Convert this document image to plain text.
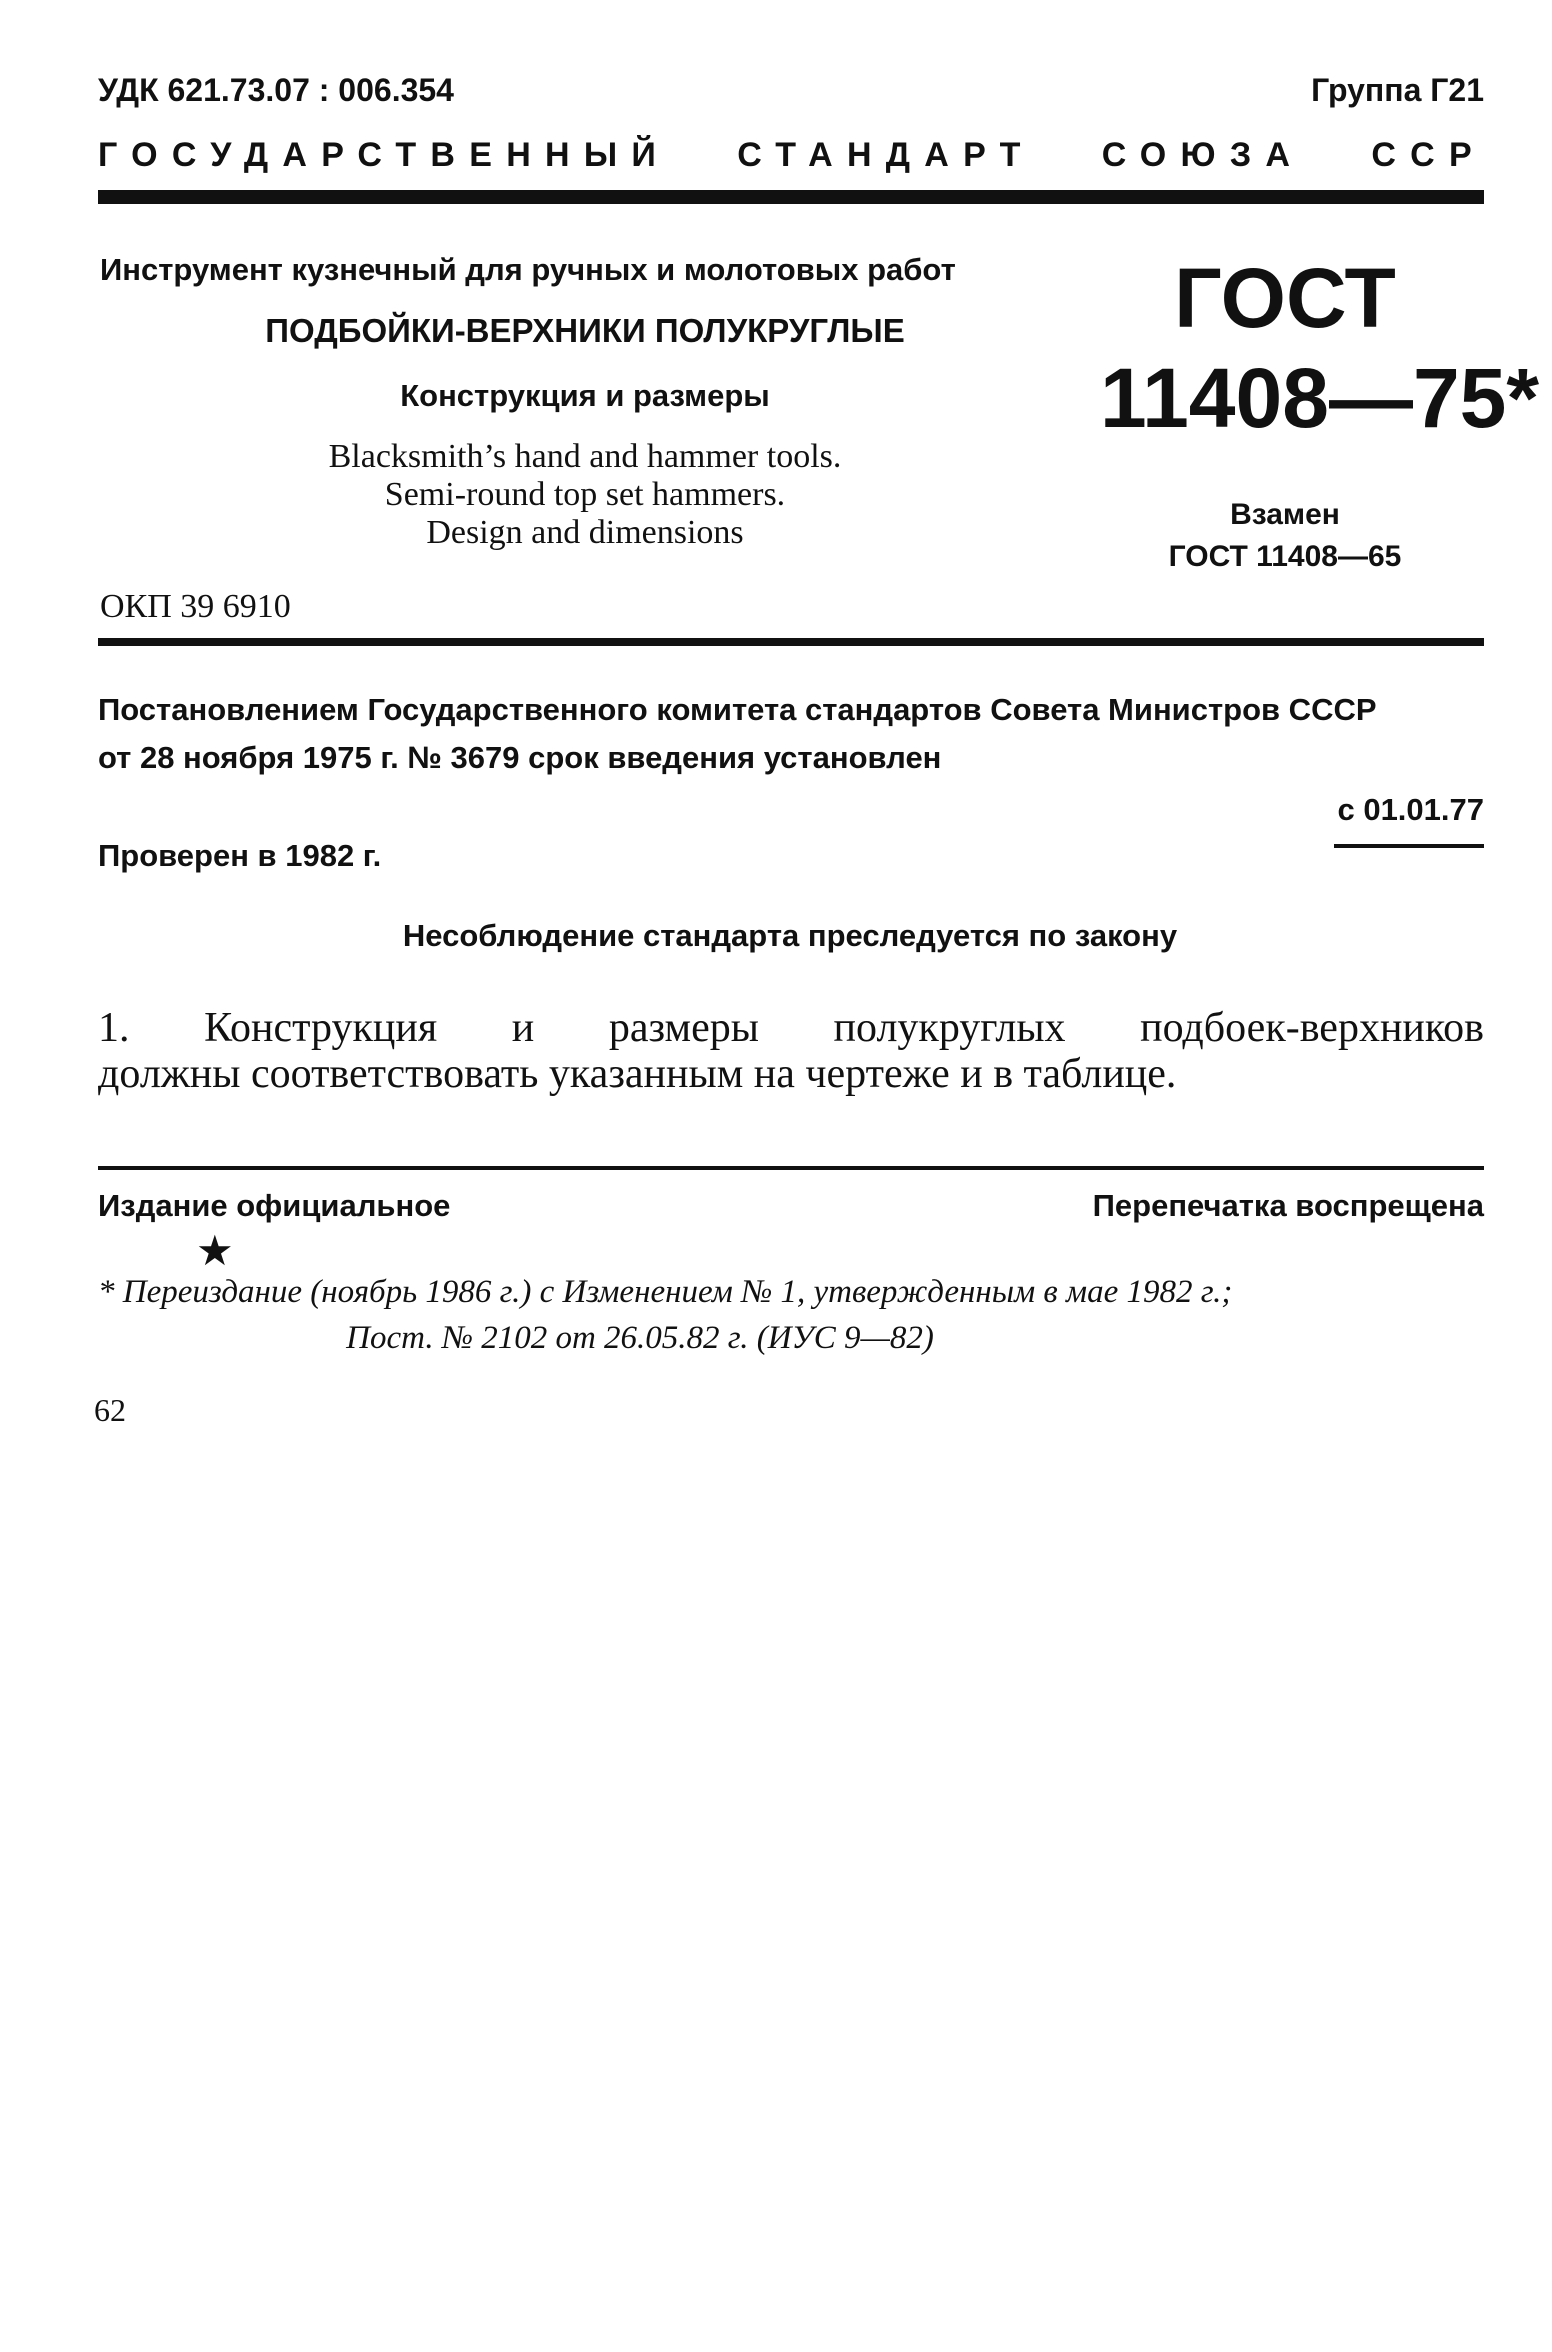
УДК 621.73.07 : 006.354	Группа Г21
ГОСУДАРСТВЕННЫЙ СТАНДАРТ СОЮЗА ССР
Инструмент кузнечный для ручных и молотовых работ
ПОДБОЙКИ-ВЕРХНИКИ ПОЛУКРУГЛЫЕ
Конструкция и размеры
Blacksmith’s hand and hammer tools.
Semi-round top set hammers.
Design and dimensions
ОКП 39 6910
ГОСТ
11408—75*
Взамен
ГОСТ 11408—65
Постановлением Государственного комитета стандартов Совета Министров СССР
от 28 ноября 1975 г. № 3679 срок введения установлен
с 01.01.77
Проверен в 1982 г.
Несоблюдение стандарта преследуется по закону
1. Конструкция и размеры полукруглых подбоек-верхников
должны соответствовать указанным на чертеже и в таблице.
Издание официальное	Перепечатка воспрещена
★
* Переиздание (ноябрь 1986 г.) с Изменением № 1, утвержденным в мае 1982 г.;
Пост. № 2102 от 26.05.82 г. (ИУС 9—82)
62
